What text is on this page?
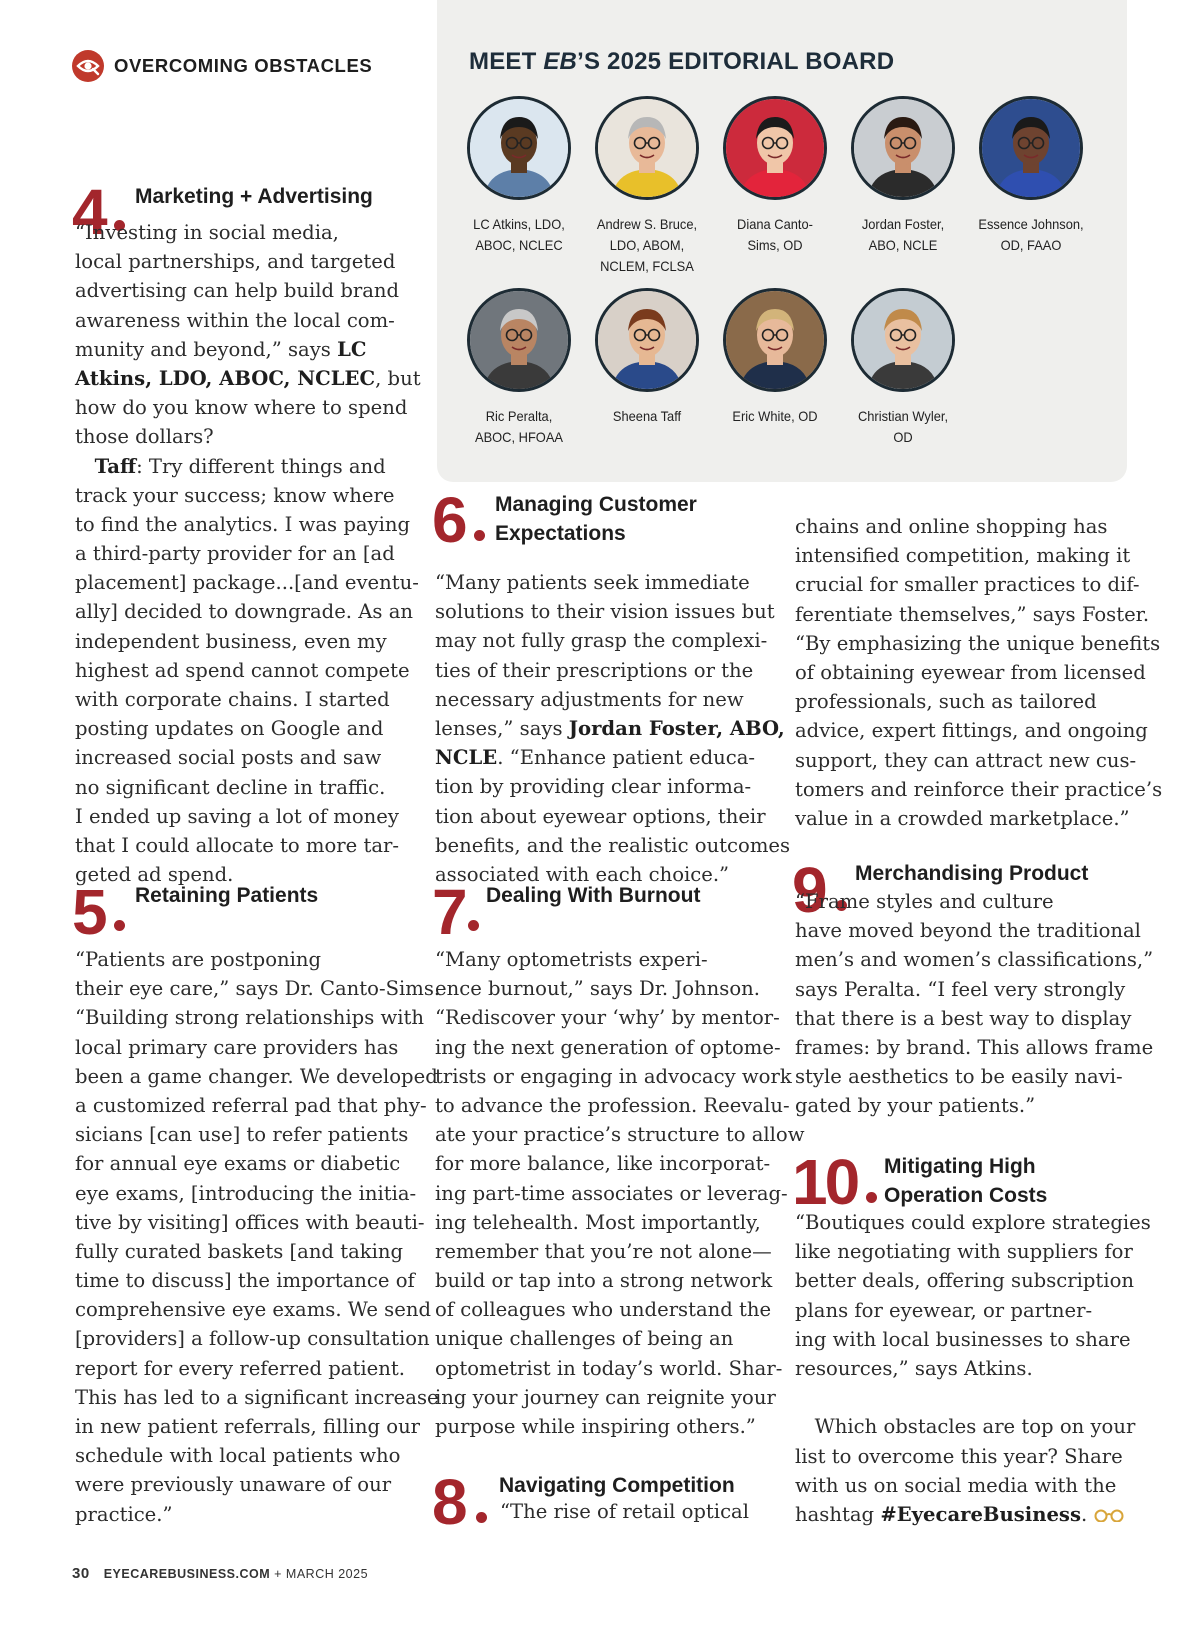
OVERCOMING OBSTACLES	MEET EB’S 2025 EDITORIAL BOARD
LC Atkins, LDO,
ABOC, NCLEC
Andrew S. Bruce,
LDO, ABOM,
NCLEM, FCLSA
Diana Canto-
Sims, OD
Jordan Foster,
ABO, NCLE
Essence Johnson,
OD, FAAO
Ric Peralta,
ABOC, HFOAA
Sheena Taff	Eric White, OD	Christian Wyler,
OD
4 Marketing + Advertising
5 Retaining Patients
6 Managing Customer
Expectations
7 Dealing With Burnout
8 Navigating Competition
9 Merchandising Product
10 Mitigating High
Operation Costs
“Investing in social media,
local partnerships, and targeted
advertising can help build brand
awareness within the local com-
munity and beyond,” says LC
Atkins, LDO, ABOC, NCLEC, but
how do you know where to spend
those dollars?
 Taff: Try different things and
track your success; know where
to find the analytics. I was paying
a third-party provider for an [ad
placement] package...[and eventu-
ally] decided to downgrade. As an
independent business, even my
highest ad spend cannot compete
with corporate chains. I started
posting updates on Google and
increased social posts and saw
no significant decline in traffic.
I ended up saving a lot of money
that I could allocate to more tar-
geted ad spend.
“Patients are postponing
their eye care,” says Dr. Canto-Sims.
“Building strong relationships with
local primary care providers has
been a game changer. We developed
a customized referral pad that phy-
sicians [can use] to refer patients
for annual eye exams or diabetic
eye exams, [introducing the initia-
tive by visiting] offices with beauti-
fully curated baskets [and taking
time to discuss] the importance of
comprehensive eye exams. We send
[providers] a follow-up consultation
report for every referred patient.
This has led to a significant increase
in new patient referrals, filling our
schedule with local patients who
were previously unaware of our
practice.”
“Many patients seek immediate
solutions to their vision issues but
may not fully grasp the complexi-
ties of their prescriptions or the
necessary adjustments for new
lenses,” says Jordan Foster, ABO,
NCLE. “Enhance patient educa-
tion by providing clear informa-
tion about eyewear options, their
benefits, and the realistic outcomes
associated with each choice.”
“Many optometrists experi-
ence burnout,” says Dr. Johnson.
“Rediscover your ‘why’ by mentor-
ing the next generation of optome-
trists or engaging in advocacy work
to advance the profession. Reevalu-
ate your practice’s structure to allow
for more balance, like incorporat-
ing part-time associates or leverag-
ing telehealth. Most importantly,
remember that you’re not alone—
build or tap into a strong network
of colleagues who understand the
unique challenges of being an
optometrist in today’s world. Shar-
ing your journey can reignite your
purpose while inspiring others.”
“The rise of retail optical
chains and online shopping has
intensified competition, making it
crucial for smaller practices to dif-
ferentiate themselves,” says Foster.
“By emphasizing the unique benefits
of obtaining eyewear from licensed
professionals, such as tailored
advice, expert fittings, and ongoing
support, they can attract new cus-
tomers and reinforce their practice’s
value in a crowded marketplace.”
“Frame styles and culture
have moved beyond the traditional
men’s and women’s classifications,”
says Peralta. “I feel very strongly
that there is a best way to display
frames: by brand. This allows frame
style aesthetics to be easily navi-
gated by your patients.”
“Boutiques could explore strategies
like negotiating with suppliers for
better deals, offering subscription
plans for eyewear, or partner-
ing with local businesses to share
resources,” says Atkins.
 Which obstacles are top on your
list to overcome this year? Share
with us on social media with the
hashtag #EyecareBusiness.
30 EYECAREBUSINESS.COM + MARCH 2025
